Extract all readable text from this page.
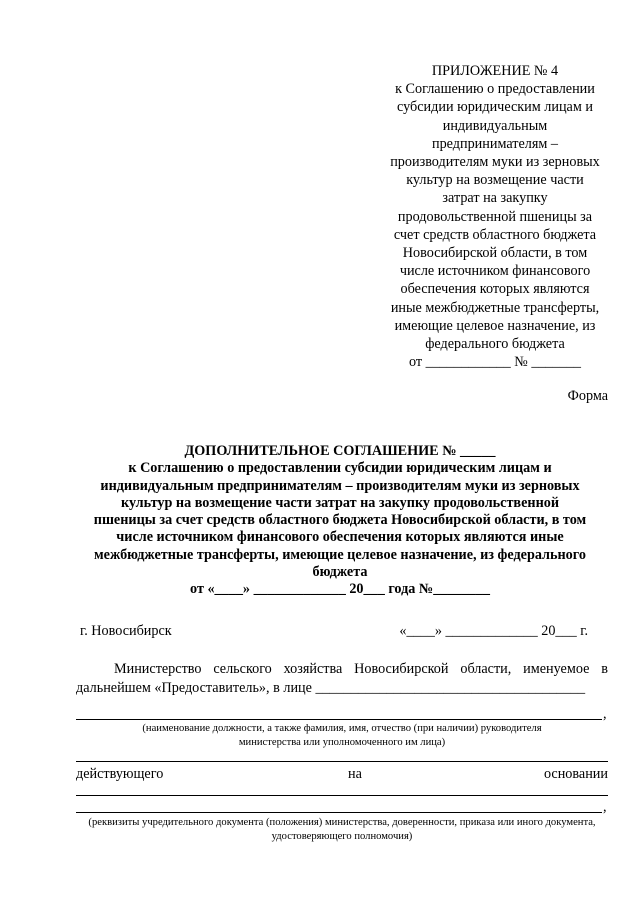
ПРИЛОЖЕНИЕ № 4
к Соглашению о предоставлении
субсидии юридическим лицам и
индивидуальным
предпринимателям –
производителям муки из зерновых
культур на возмещение части
затрат на закупку
продовольственной пшеницы за
счет средств областного бюджета
Новосибирской области, в том
числе источником финансового
обеспечения которых являются
иные межбюджетные трансферты,
имеющие целевое назначение, из
федерального бюджета
от ____________ № _______
Форма
ДОПОЛНИТЕЛЬНОЕ СОГЛАШЕНИЕ № _____
к Соглашению о предоставлении субсидии юридическим лицам и
индивидуальным предпринимателям – производителям муки из зерновых
культур на возмещение части затрат на закупку продовольственной
пшеницы за счет средств областного бюджета Новосибирской области, в том
числе источником финансового обеспечения которых являются иные
межбюджетные трансферты, имеющие целевое назначение, из федерального
бюджета
от «____» _____________ 20___ года №________
г. Новосибирск	«____» _____________ 20___ г.
Министерство сельского хозяйства Новосибирской области, именуемое в
дальнейшем «Предоставитель», в лице ______________________________________
,
(наименование должности, а также фамилия, имя, отчество (при наличии) руководителя министерства или уполномоченного им лица)
действующего	на	основании
,
(реквизиты учредительного документа (положения) министерства, доверенности, приказа или иного документа, удостоверяющего полномочия)
